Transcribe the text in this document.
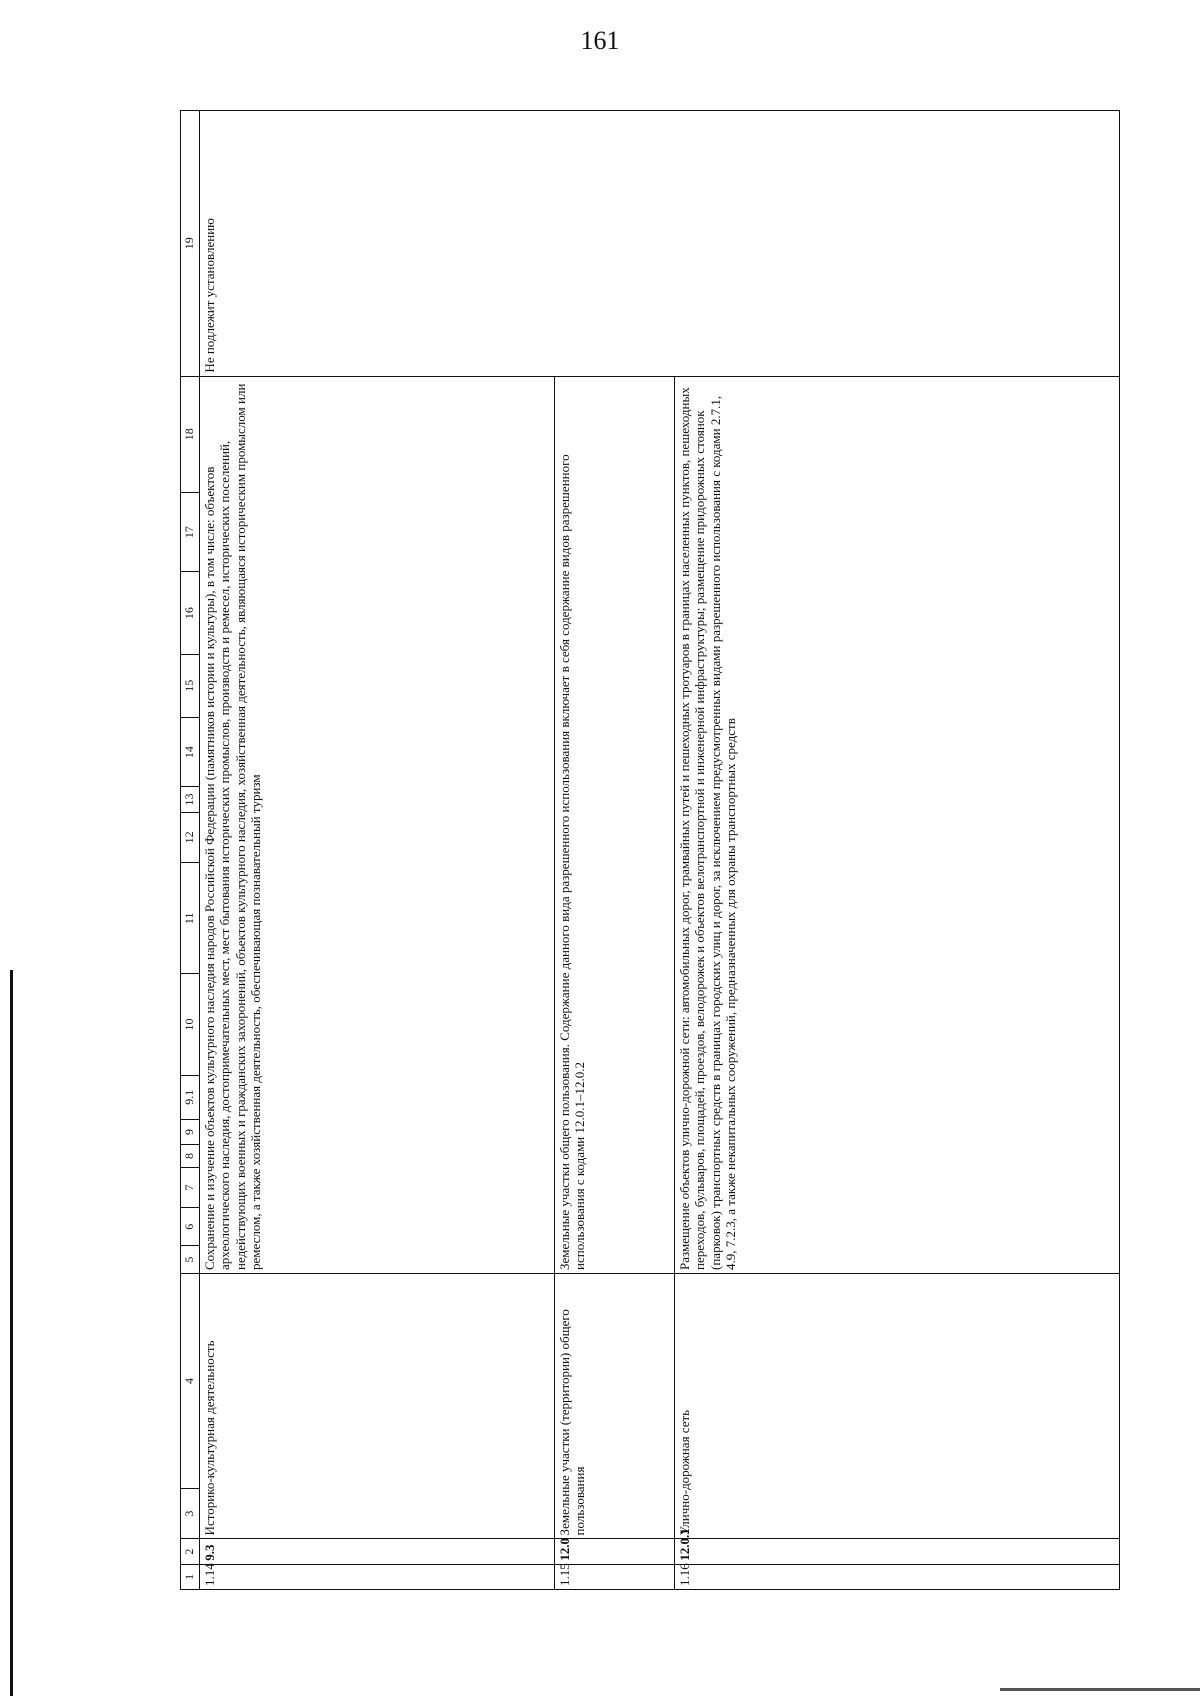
161
1	2	3	4	5	6	7	8	9	9.1	10	11	12	13	14	15	16	17	18	19
1.14	9.3	Историко-культурная деятельность		Сохранение и изучение объектов культурного наследия народов Российской Федерации (памятников истории и культуры), в том числе: объектов археологического наследия, достопримечательных мест, мест бытования исторических промыслов, производств и ремесел, исторических поселений, недействующих военных и гражданских захоронений, объектов культурного наследия, хозяйственная деятельность, являющаяся историческим промыслом или ремеслом, а также хозяйственная деятельность, обеспечивающая познавательный туризм															Не подлежит установлению
1.15	12.0	Земельные участки (территории) общего пользования		Земельные участки общего пользования. Содержание данного вида разрешенного использования включает в себя содержание видов разрешенного использования с кодами 12.0.1–12.0.2															
1.16	12.0.1	Улично-дорожная сеть		Размещение объектов улично-дорожной сети: автомобильных дорог, трамвайных путей и пешеходных тротуаров в границах населенных пунктов, пешеходных переходов, бульваров, площадей, проездов, велодорожек и объектов велотранспортной и инженерной инфраструктуры; размещение придорожных стоянок (парковок) транспортных средств в границах городских улиц и дорог, за исключением предусмотренных видами разрешенного использования с кодами 2.7.1, 4.9, 7.2.3, а также некапитальных сооружений, предназначенных для охраны транспортных средств															
